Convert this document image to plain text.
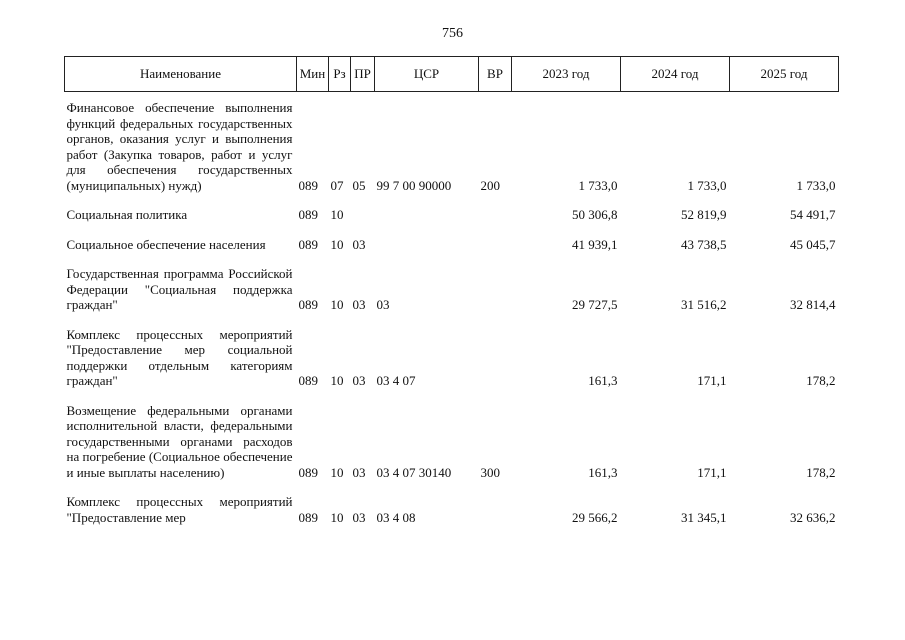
756
Наименование	Мин	Рз	ПР	ЦСР	ВР	2023 год	2024 год	2025 год
Финансовое обеспечение выполнения функций федеральных государственных органов, оказания услуг и выполнения работ (Закупка товаров, работ и услуг для обеспечения государственных (муниципальных) нужд)	089	07	05	99 7 00 90000	200	1 733,0	1 733,0	1 733,0

Социальная политика	089	10				50 306,8	52 819,9	54 491,7

Социальное обеспечение населения	089	10	03			41 939,1	43 738,5	45 045,7

Государственная программа Российской Федерации "Социальная поддержка граждан"	089	10	03	03		29 727,5	31 516,2	32 814,4

Комплекс процессных мероприятий "Предоставление мер социальной поддержки отдельным категориям граждан"	089	10	03	03 4 07		161,3	171,1	178,2

Возмещение федеральными органами исполнительной власти, федеральными государственными органами расходов на погребение (Социальное обеспечение и иные выплаты населению)	089	10	03	03 4 07 30140	300	161,3	171,1	178,2

Комплекс процессных мероприятий "Предоставление мер	089	10	03	03 4 08		29 566,2	31 345,1	32 636,2
